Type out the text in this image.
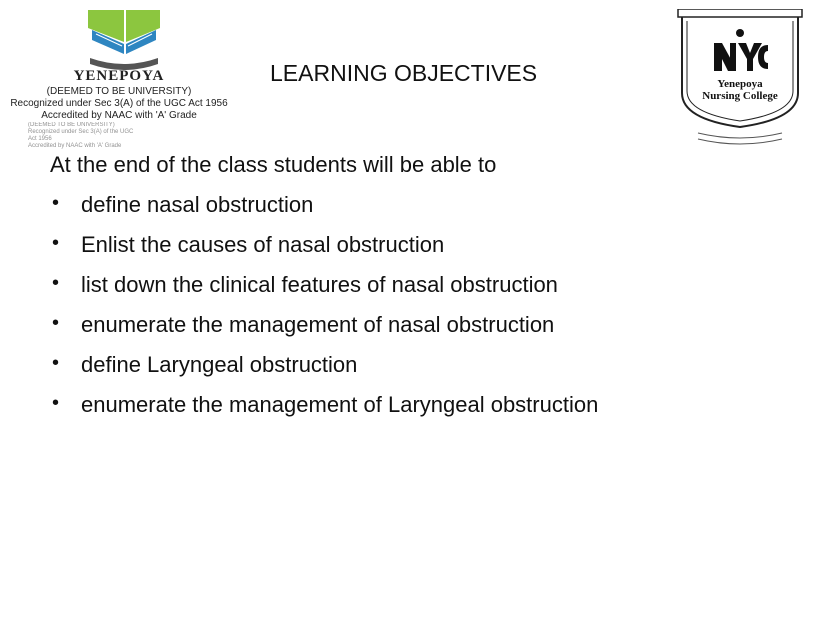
YENEPOYA
(DEEMED TO BE UNIVERSITY)
Recognized under Sec 3(A) of the UGC Act 1956
Accredited by NAAC with 'A' Grade
(DEEMED TO BE UNIVERSITY)
Recognized under Sec 3(A) of the UGC Act 1956
Accredited by NAAC with 'A' Grade
Yenepoya
Nursing College
LEARNING OBJECTIVES
At the end of the class students will be able to
• define nasal obstruction
• Enlist the causes of nasal obstruction
• list down the clinical features of nasal obstruction
• enumerate the management of nasal obstruction
• define Laryngeal obstruction
• enumerate the management of Laryngeal obstruction
